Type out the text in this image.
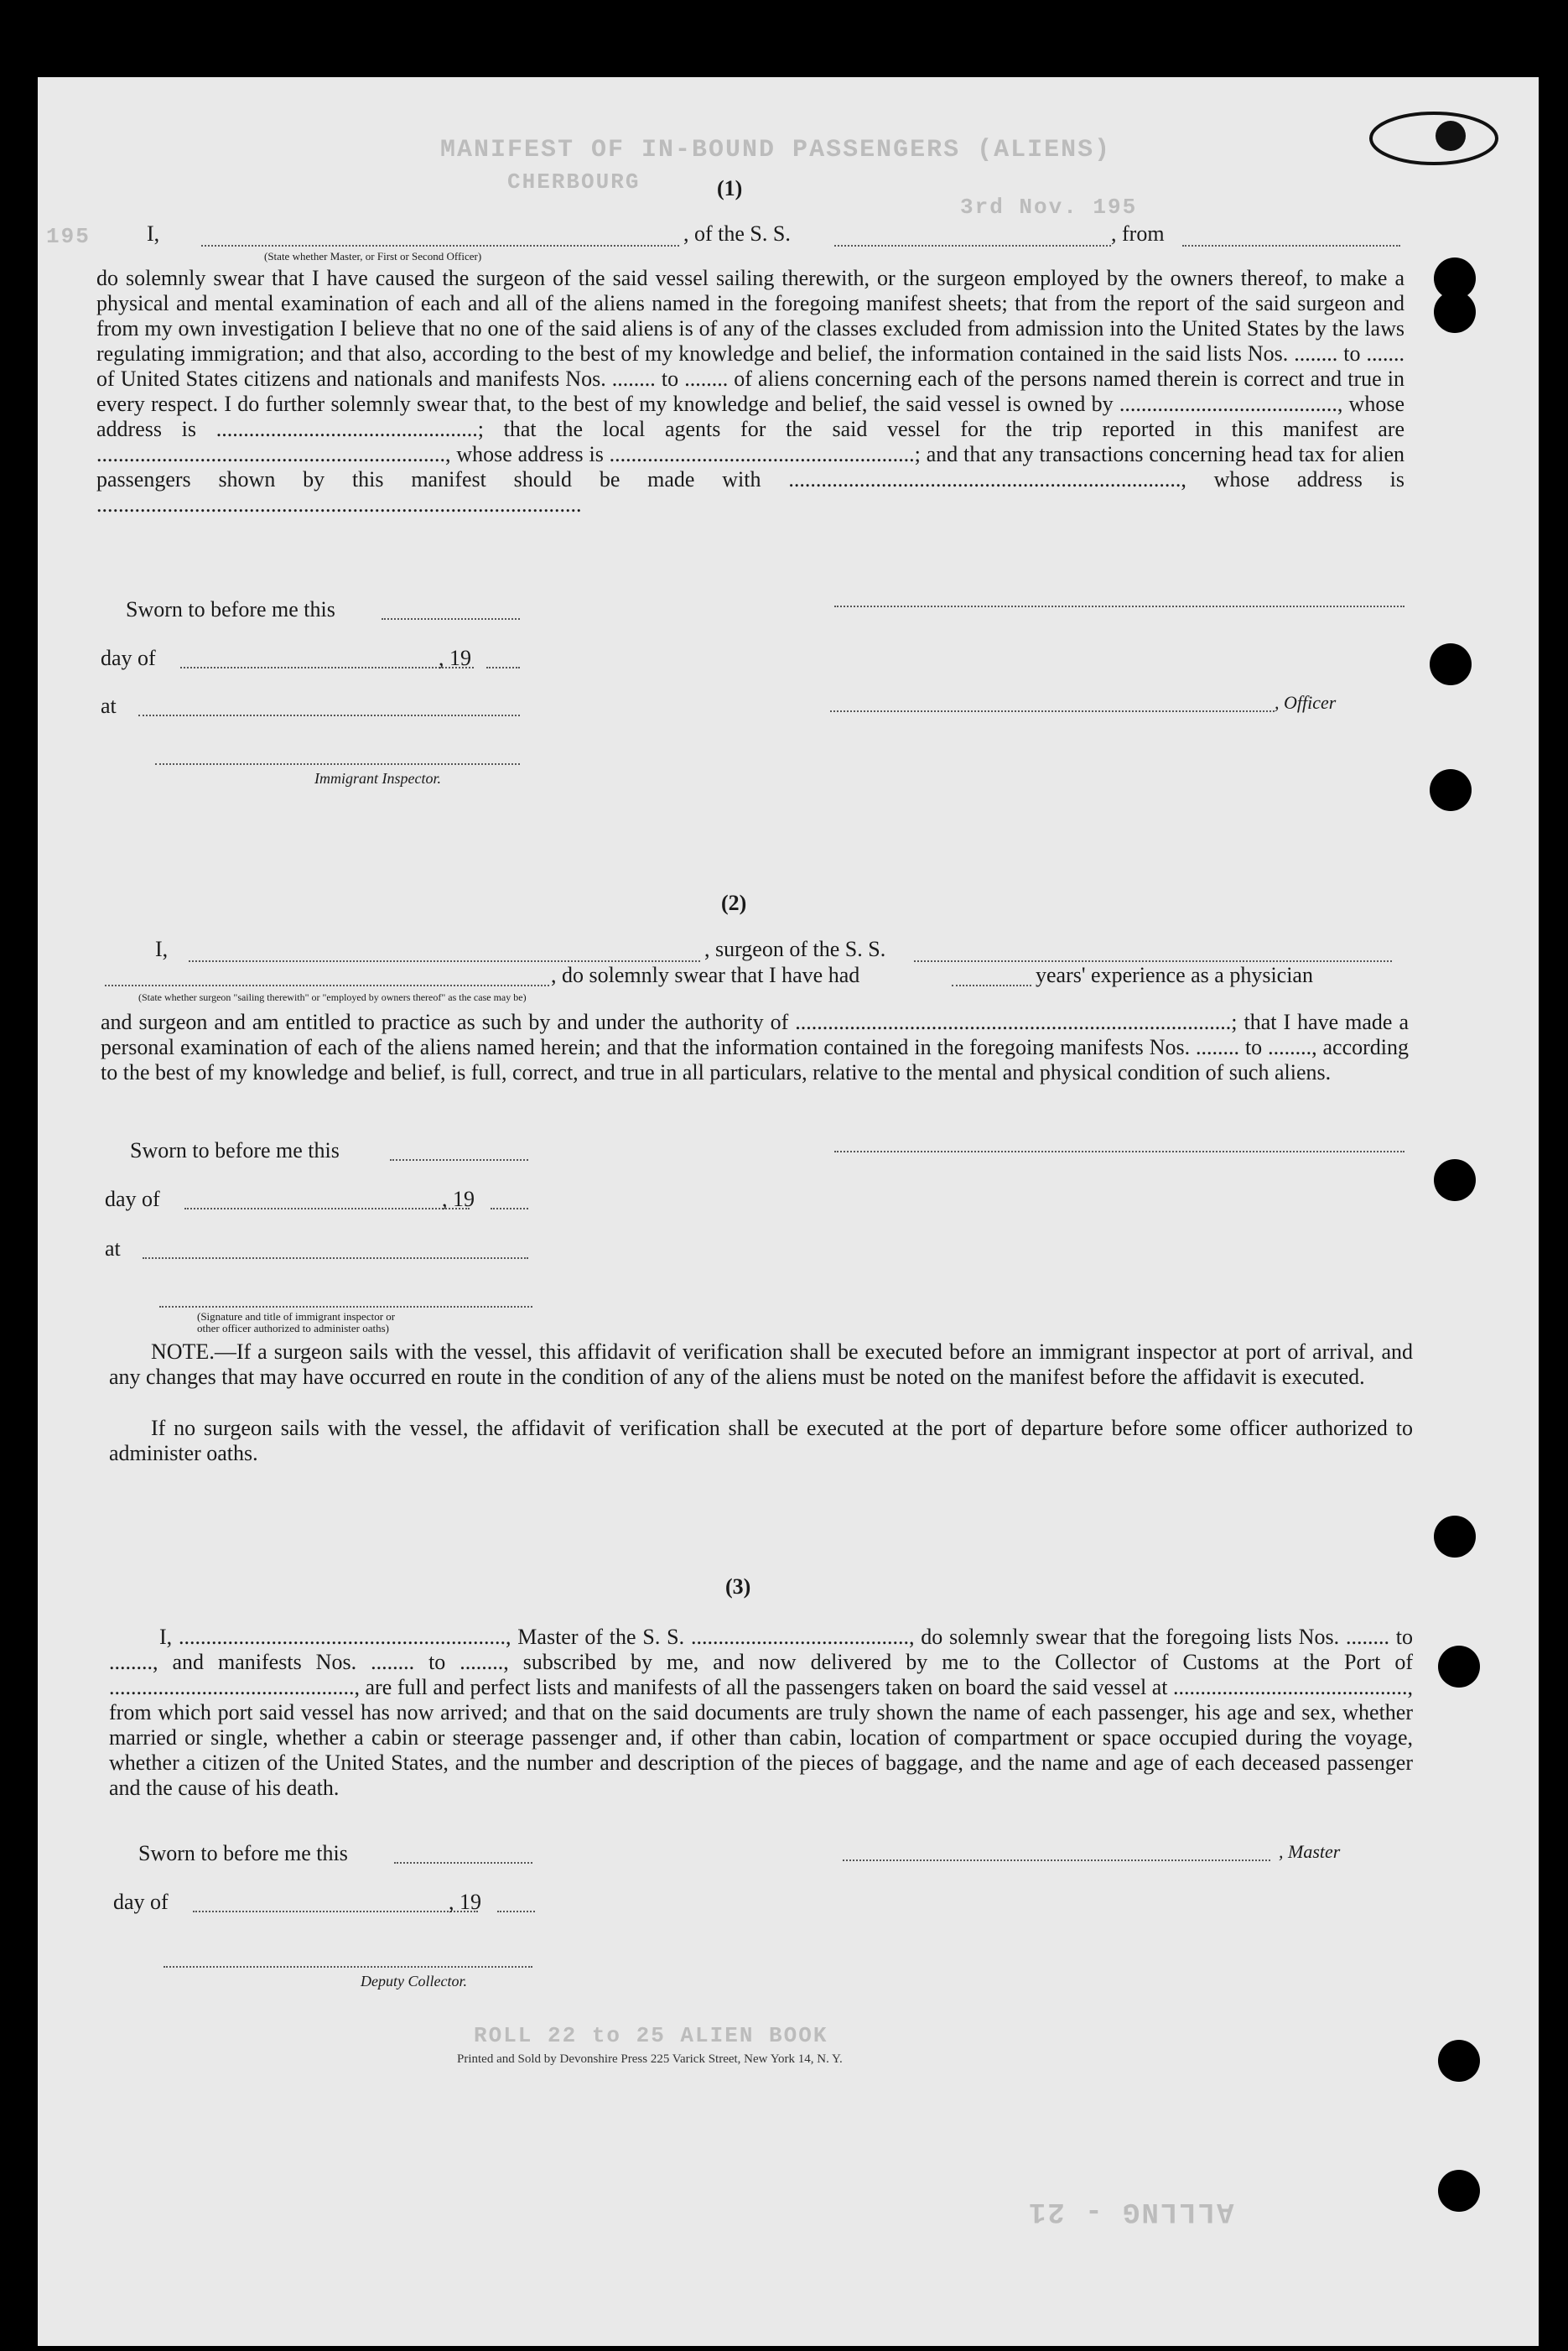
MANIFEST OF IN-BOUND PASSENGERS (ALIENS)
CHERBOURG
3rd Nov. 195
195
ROLL 22 to 25 ALIEN BOOK
ALLLNG - 21
(1)
I,	, of the S. S.	, from
(State whether Master, or First or Second Officer)
do solemnly swear that I have caused the surgeon of the said vessel sailing therewith, or the surgeon employed by the owners thereof, to make a physical and mental examination of each and all of the aliens named in the foregoing manifest sheets; that from the report of the said surgeon and from my own investigation I believe that no one of the said aliens is of any of the classes excluded from admission into the United States by the laws regulating immigration; and that also, according to the best of my knowledge and belief, the information contained in the said lists Nos. ........ to ....... of United States citizens and nationals and manifests Nos. ........ to ........ of aliens concerning each of the persons named therein is correct and true in every respect. I do further solemnly swear that, to the best of my knowledge and belief, the said vessel is owned by ........................................, whose address is ................................................; that the local agents for the said vessel for the trip reported in this manifest are ................................................................, whose address is ........................................................; and that any transactions concerning head tax for alien passengers shown by this manifest should be made with ........................................................................, whose address is .........................................................................................
Sworn to before me this
day of	, 19
at	, Officer
Immigrant Inspector.
(2)
I,	, surgeon of the S. S.
, do solemnly swear that I have had	years' experience as a physician
(State whether surgeon "sailing therewith" or "employed by owners thereof" as the case may be)
and surgeon and am entitled to practice as such by and under the authority of ................................................................................; that I have made a personal examination of each of the aliens named herein; and that the information contained in the foregoing manifests Nos. ........ to ........, according to the best of my knowledge and belief, is full, correct, and true in all particulars, relative to the mental and physical condition of such aliens.
Sworn to before me this
day of	, 19
at
(Signature and title of immigrant inspector or
other officer authorized to administer oaths)
NOTE.—If a surgeon sails with the vessel, this affidavit of verification shall be executed before an immigrant inspector at port of arrival, and any changes that may have occurred en route in the condition of any of the aliens must be noted on the manifest before the affidavit is executed.
If no surgeon sails with the vessel, the affidavit of verification shall be executed at the port of departure before some officer authorized to administer oaths.
(3)
I, ............................................................, Master of the S. S. ........................................, do solemnly swear that the foregoing lists Nos. ........ to ........, and manifests Nos. ........ to ........, subscribed by me, and now delivered by me to the Collector of Customs at the Port of ............................................., are full and perfect lists and manifests of all the passengers taken on board the said vessel at ..........................................., from which port said vessel has now arrived; and that on the said documents are truly shown the name of each passenger, his age and sex, whether married or single, whether a cabin or steerage passenger and, if other than cabin, location of compartment or space occupied during the voyage, whether a citizen of the United States, and the number and description of the pieces of baggage, and the name and age of each deceased passenger and the cause of his death.
Sworn to before me this	, Master
day of	, 19
Deputy Collector.
Printed and Sold by Devonshire Press 225 Varick Street, New York 14, N. Y.
